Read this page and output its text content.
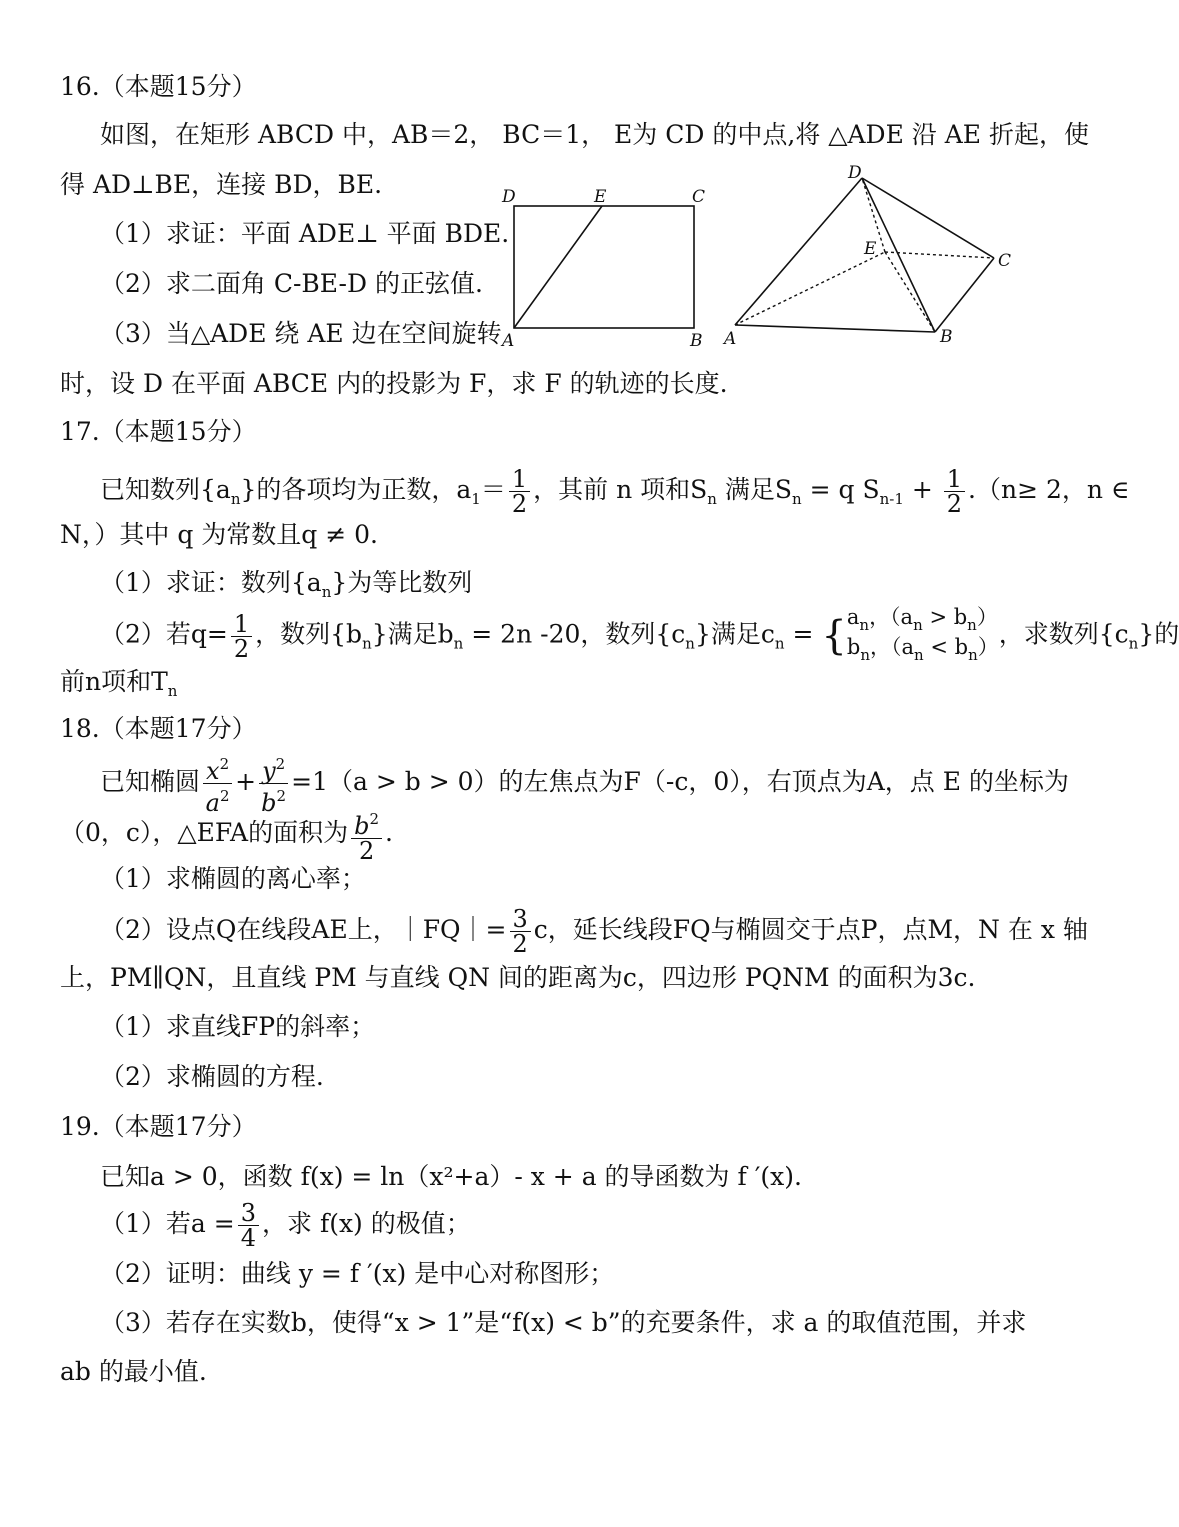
16.（本题15分）
如图，在矩形 ABCD 中，AB＝2， BC＝1， E为 CD 的中点,将 △ADE 沿 AE 折起，使
得 AD⊥BE，连接 BD，BE.
（1）求证：平面 ADE⊥ 平面 BDE.
（2）求二面角 C-BE-D 的正弦值.
（3）当△ADE 绕 AE 边在空间旋转
时，设 D 在平面 ABCE 内的投影为 F，求 F 的轨迹的长度.
D	E	C
A	B
D
E
C
A	B
17.（本题15分）
已知数列$\{a_n\}$的各项均为正数，$a_1= \frac{1}{2}$ ，其前 n 项和$S_n$ 满足$S_n = q$ $S_{n-1} + \frac{1}{2} .(n\ge 2$，n ∈
N，）其中 q 为常数且q ≠ 0.
（1）求证：数列$\{a_n\}$为等比数列
（2）若$q= \frac{1}{2}$ ，数列$\{b_n\}$满足$b_n = 2n$ -20，数列$\{c_n\}$满足$c_n = \{a_n$，$(a_n > b_n)$
$b_n$，$(a_n < b_n)$，求数列$\{c_n\}$的
前n项和$T_n$
18.（本题17分）
已知椭圆 $\frac{x^2}{a^2} + \frac{y^2}{b^2} =1(a > b > 0)$的左焦点为F（-c，0），右顶点为A，点 E 的坐标为
（0，c），△EFA的面积为 $\frac{b^2}{2}$ .
（1）求椭圆的离心率；
（2）设点Q在线段AE上，｜FQ｜= $\frac{3}{2}$ c，延长线段FQ与椭圆交于点P，点M，N 在 x 轴
上，PM∥QN，且直线 PM 与直线 QN 间的距离为c，四边形 PQNM 的面积为3c.
（1）求直线FP的斜率；
（2）求椭圆的方程.
19.（本题17分）
已知a > 0，函数 f(x) = ln（x²+a）- x + a 的导函数为 f ′(x).
（1）若$a = \frac{3}{4}$ ，求 f(x) 的极值；
（2）证明：曲线 y = f ′(x) 是中心对称图形；
（3）若存在实数b，使得“x > 1”是“f(x) < b”的充要条件，求 a 的取值范围，并求
ab 的最小值.
